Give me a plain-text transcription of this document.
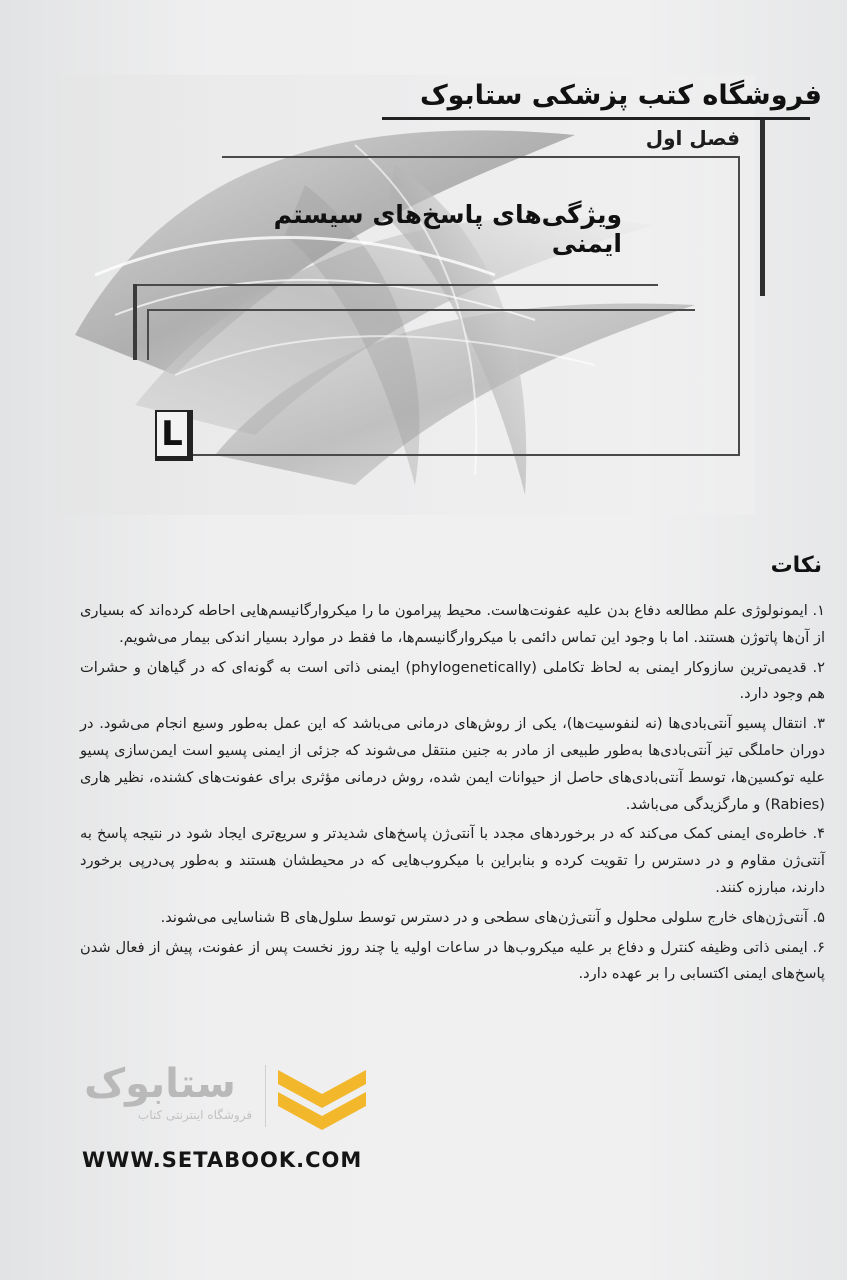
فروشگاه کتب پزشکی ستابوک
فصل اول
ویژگی‌های پاسخ‌های سیستم ایمنی
L
نکات

۱. ایمونولوژی علم مطالعه دفاع بدن علیه عفونت‌هاست. محیط پیرامون ما را میکروارگانیسم‌هایی احاطه کرده‌اند که بسیاری از آن‌ها پاتوژن هستند. اما با وجود این تماس دائمی با میکروارگانیسم‌ها، ما فقط در موارد بسیار اندکی بیمار می‌شویم.

۲. قدیمی‌ترین سازوکار ایمنی به لحاظ تکاملی (phylogenetically) ایمنی ذاتی است به گونه‌ای که در گیاهان و حشرات هم وجود دارد.

۳. انتقال پسیو آنتی‌بادی‌ها (نه لنفوسیت‌ها)، یکی از روش‌های درمانی می‌باشد که این عمل به‌طور وسیع انجام می‌شود. در دوران حاملگی تیز آنتی‌بادی‌ها به‌طور طبیعی از مادر به جنین منتقل می‌شوند که جزئی از ایمنی پسیو است ایمن‌سازی پسیو علیه توکسین‌ها، توسط آنتی‌بادی‌های حاصل از حیوانات ایمن شده، روش درمانی مؤثری برای عفونت‌های کشنده، نظیر هاری (Rabies) و مارگزیدگی می‌باشد.

۴. خاطره‌ی ایمنی کمک می‌کند که در برخوردهای مجدد با آنتی‌ژن پاسخ‌های شدیدتر و سریع‌تری ایجاد شود در نتیجه پاسخ به آنتی‌ژن مقاوم و در دسترس را تقویت کرده و بنابراین با میکروب‌هایی که در محیطشان هستند و به‌طور پی‌درپی برخورد دارند، مبارزه کنند.

۵. آنتی‌ژن‌های خارج سلولی محلول و آنتی‌ژن‌های سطحی و در دسترس توسط سلول‌های B شناسایی می‌شوند.

۶. ایمنی ذاتی وظیفه کنترل و دفاع بر علیه میکروب‌ها در ساعات اولیه یا چند روز نخست پس از عفونت، پیش از فعال شدن پاسخ‌های ایمنی اکتسابی را بر عهده دارد.

ستابوک
فروشگاه اینترنتی کتاب
WWW.SETABOOK.COM
